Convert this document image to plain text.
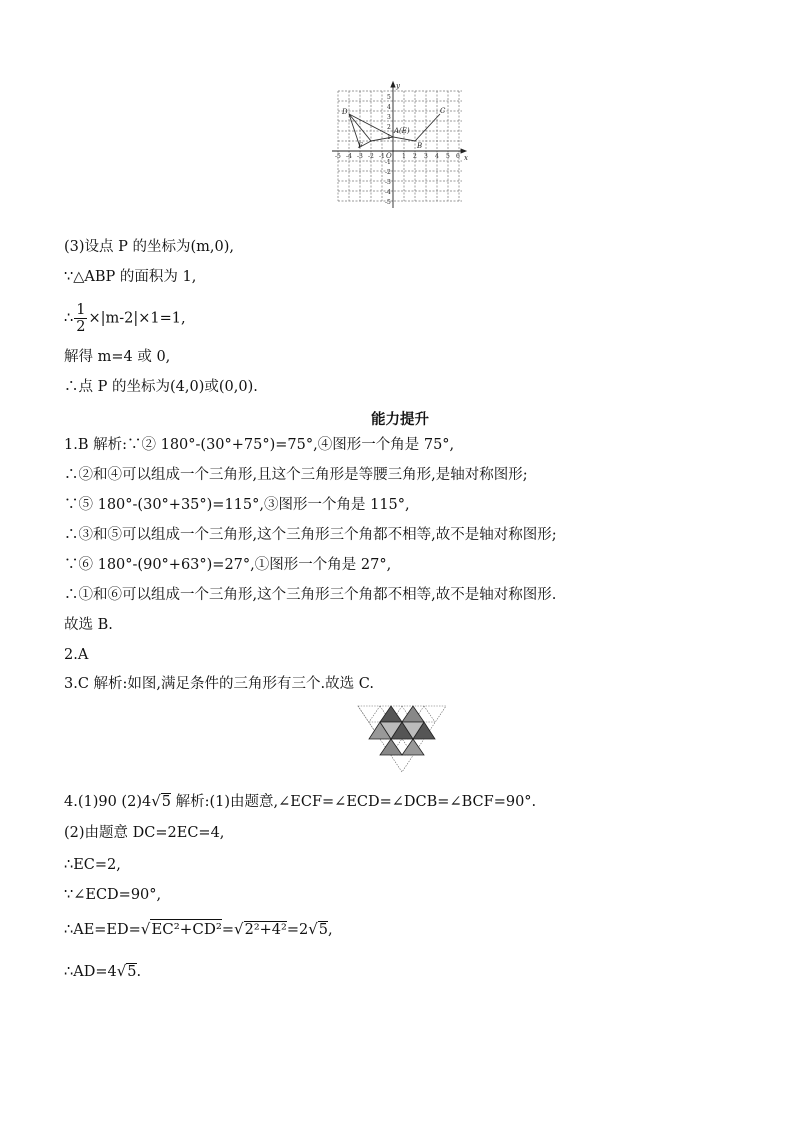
y
x
D	C
A(E)
F	B
O
-5 -4 -3 -2 -1	1 2 3 4 5 6
5
4
3
2
1
-1
-2
-3
-4
-5
(3)设点 P 的坐标为(m,0),
∵△ABP 的面积为 1,
∴ $\frac{1}{2} \times|m-2|\times 1=1$,
解得 m=4 或 0,
∴点 P 的坐标为(4,0)或(0,0).
能力提升
1.B 解析:∵② 180°-(30°+75°)=75°,④图形一个角是 75°,
∴②和④可以组成一个三角形,且这个三角形是等腰三角形,是轴对称图形;
∵⑤ 180°-(30°+35°)=115°,③图形一个角是 115°,
∴③和⑤可以组成一个三角形,这个三角形三个角都不相等,故不是轴对称图形;
∵⑥ 180°-(90°+63°)=27°,①图形一个角是 27°,
∴①和⑥可以组成一个三角形,这个三角形三个角都不相等,故不是轴对称图形.
故选 B.
2.A
3.C 解析:如图,满足条件的三角形有三个.故选 C.
4.(1)90 (2)4√5 解析:(1)由题意,∠ECF=∠ECD=∠DCB=∠BCF=90°.
(2)由题意 DC=2EC=4,
∴EC=2,
∵∠ECD=90°,
∴AE=ED=√EC²+CD²=√2²+4²=2√5,
∴AD=4√5.
